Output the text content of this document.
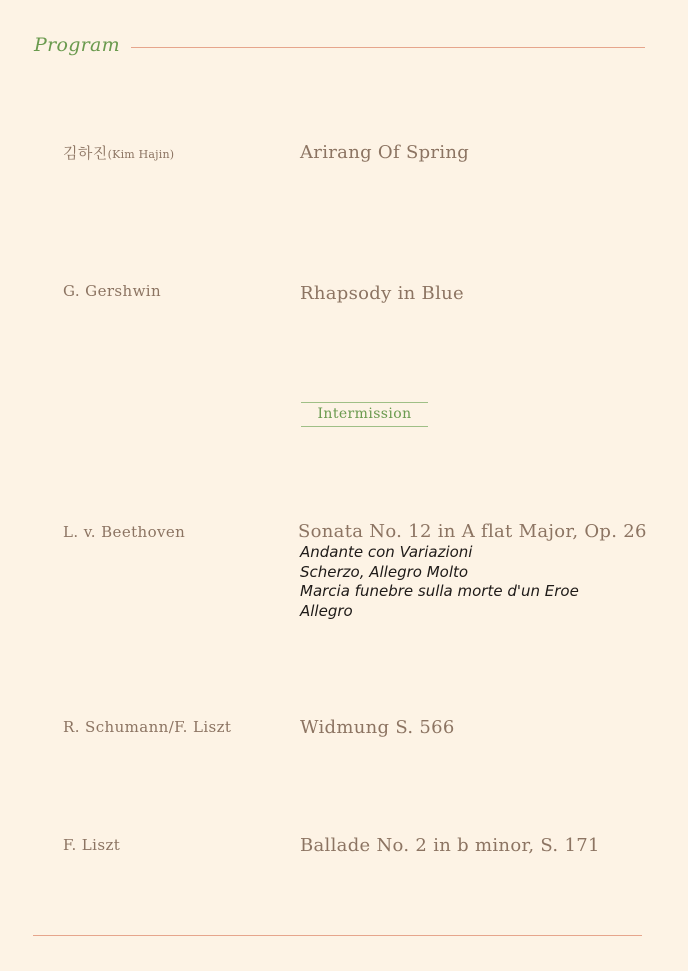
Program
김하진(Kim Hajin)	Arirang Of Spring
G. Gershwin	Rhapsody in Blue
Intermission
L. v. Beethoven	Sonata No. 12 in A flat Major, Op. 26
Andante con Variazioni
Scherzo, Allegro Molto
Marcia funebre sulla morte d'un Eroe
Allegro
R. Schumann/F. Liszt	Widmung S. 566
F. Liszt	Ballade No. 2 in b minor, S. 171
